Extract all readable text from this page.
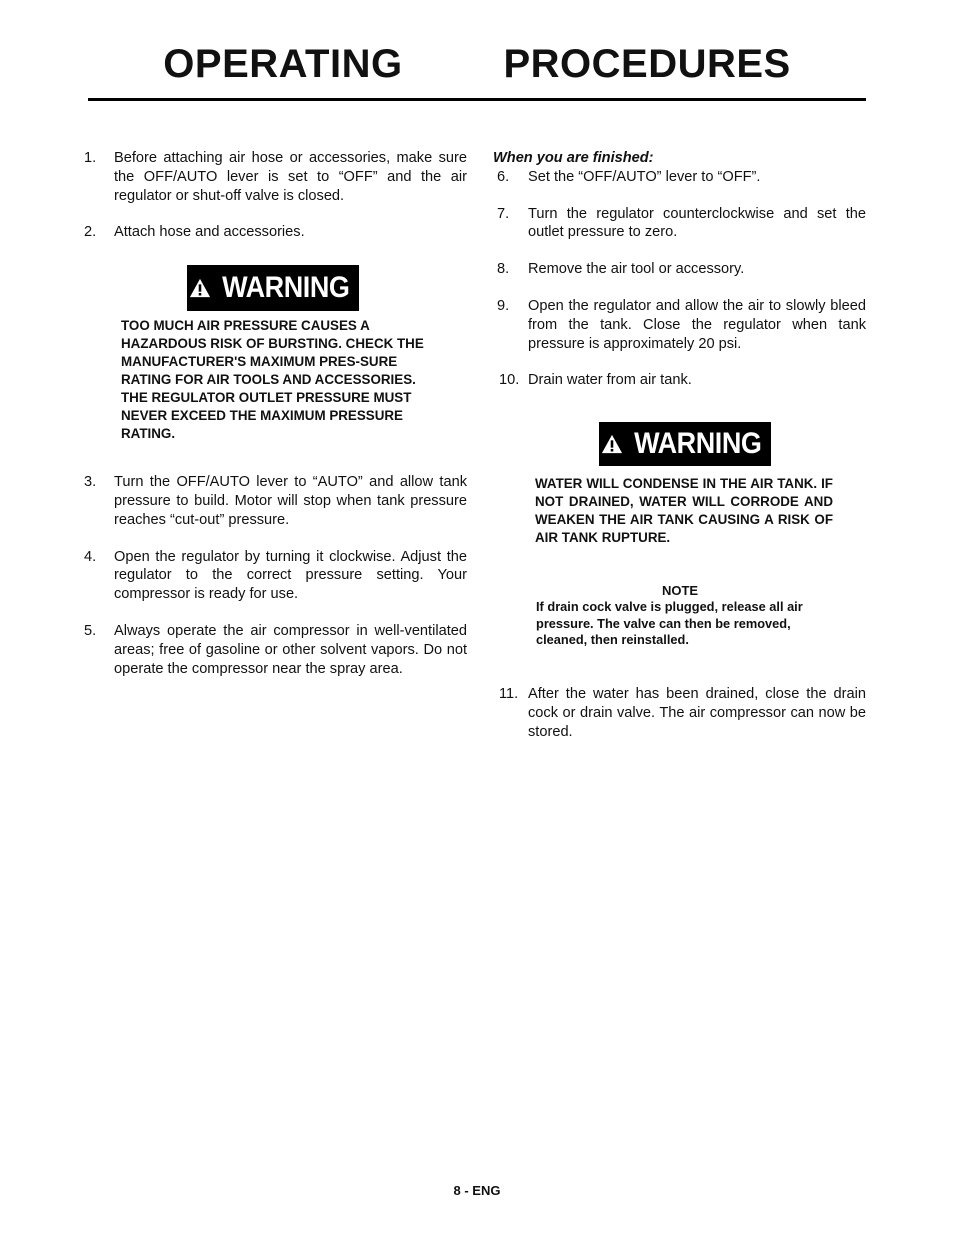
OPERATING   PROCEDURES
1. Before attaching air hose or accessories, make sure the OFF/AUTO lever is set to “OFF” and the air regulator or shut-off valve is closed.
2. Attach hose and accessories.
WARNING
TOO MUCH AIR PRESSURE CAUSES A HAZARDOUS RISK OF BURSTING. CHECK THE MANUFACTURER'S MAXIMUM PRES-SURE RATING FOR AIR TOOLS AND ACCESSORIES. THE REGULATOR OUTLET PRESSURE MUST NEVER EXCEED THE MAXIMUM PRESSURE RATING.
3. Turn the OFF/AUTO lever to “AUTO” and allow tank pressure to build. Motor will stop when tank pressure reaches “cut-out” pressure.
4. Open the regulator by turning it clockwise. Adjust the regulator to the correct pressure setting. Your compressor is ready for use.
5. Always operate the air compressor in well-ventilated areas; free of gasoline or other solvent vapors. Do not operate the compressor near the spray area.
When you are finished:
6. Set the “OFF/AUTO” lever to “OFF”.
7. Turn the regulator counterclockwise and set the outlet pressure to zero.
8. Remove the air tool or accessory.
9. Open the regulator and allow the air to slowly bleed from the tank. Close the regulator when tank pressure is approximately 20 psi.
10. Drain water from air tank.
WARNING
WATER WILL CONDENSE IN THE AIR TANK. IF NOT DRAINED, WATER WILL CORRODE AND WEAKEN THE AIR TANK CAUSING A RISK OF AIR TANK RUPTURE.
NOTE
If drain cock valve is plugged, release all air pressure. The valve can then be removed, cleaned, then reinstalled.
11. After the water has been drained, close the drain cock or drain valve. The air compressor can now be stored.
8 - ENG
